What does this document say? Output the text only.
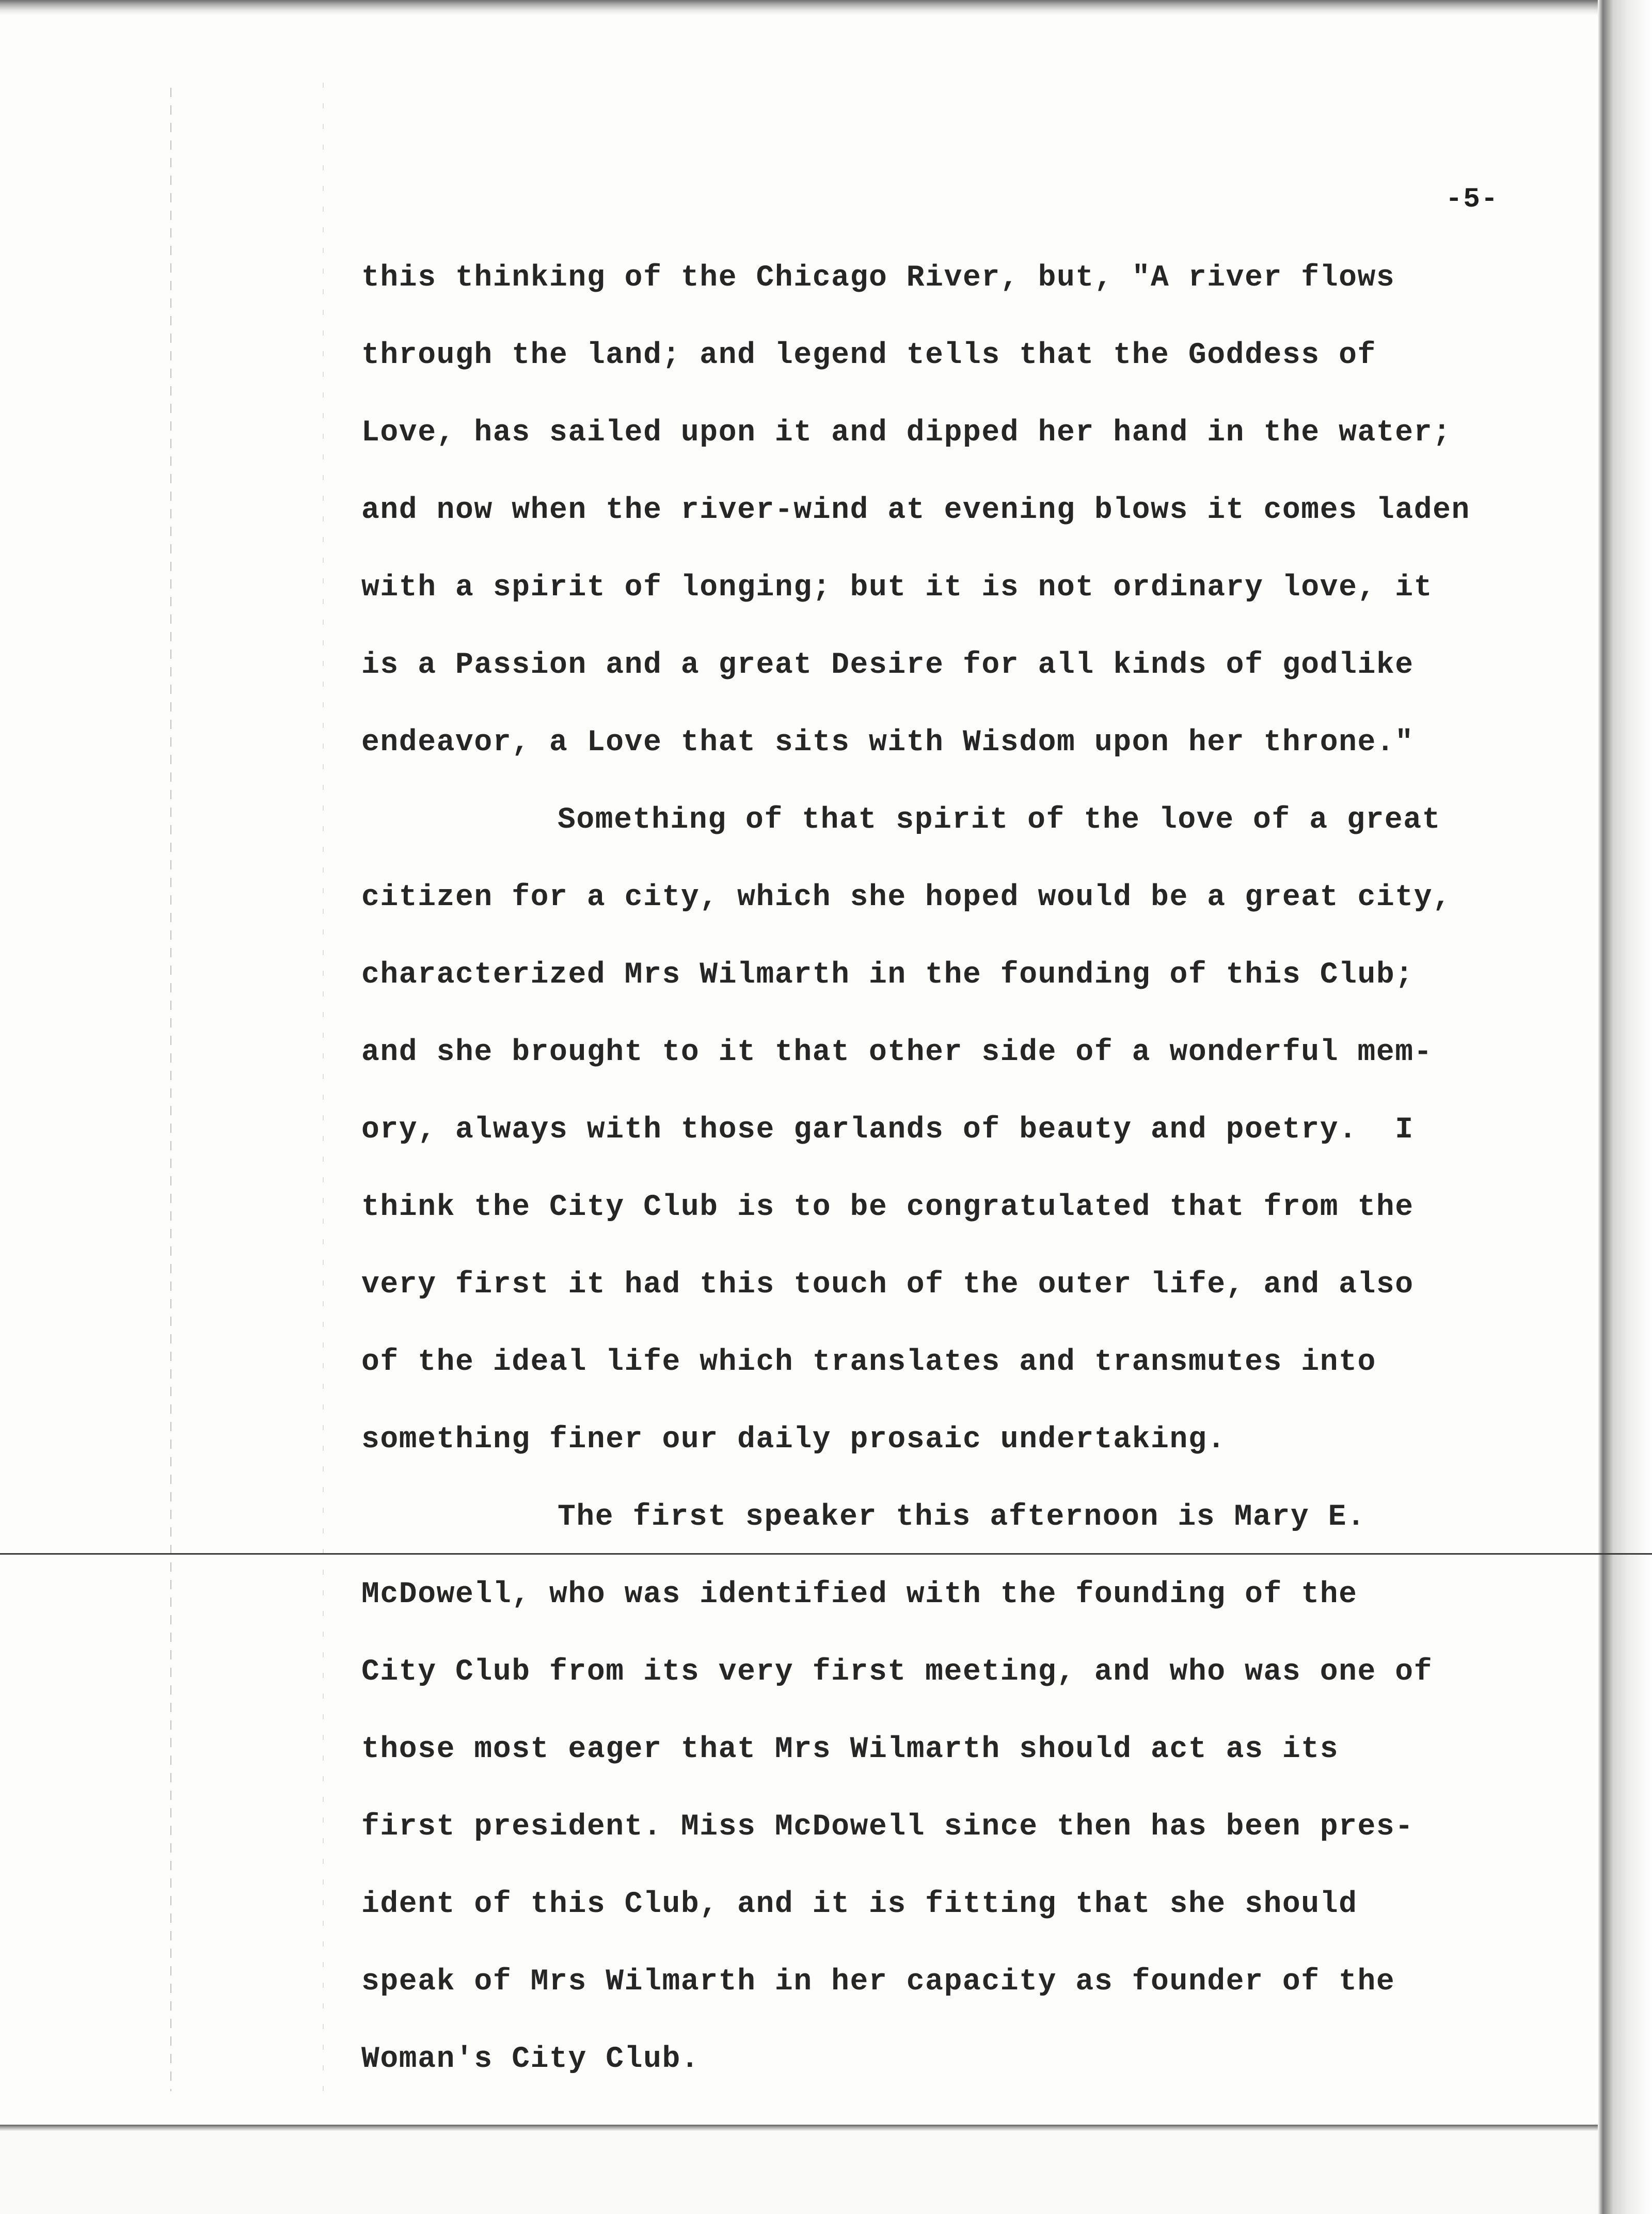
-5-
this thinking of the Chicago River, but, "A river flows
through the land; and legend tells that the Goddess of
Love, has sailed upon it and dipped her hand in the water;
and now when the river-wind at evening blows it comes laden
with a spirit of longing; but it is not ordinary love, it
is a Passion and a great Desire for all kinds of godlike
endeavor, a Love that sits with Wisdom upon her throne."
Something of that spirit of the love of a great
citizen for a city, which she hoped would be a great city,
characterized Mrs Wilmarth in the founding of this Club;
and she brought to it that other side of a wonderful mem-
ory, always with those garlands of beauty and poetry.  I
think the City Club is to be congratulated that from the
very first it had this touch of the outer life, and also
of the ideal life which translates and transmutes into
something finer our daily prosaic undertaking.
The first speaker this afternoon is Mary E.
McDowell, who was identified with the founding of the
City Club from its very first meeting, and who was one of
those most eager that Mrs Wilmarth should act as its
first president. Miss McDowell since then has been pres-
ident of this Club, and it is fitting that she should
speak of Mrs Wilmarth in her capacity as founder of the
Woman's City Club.
